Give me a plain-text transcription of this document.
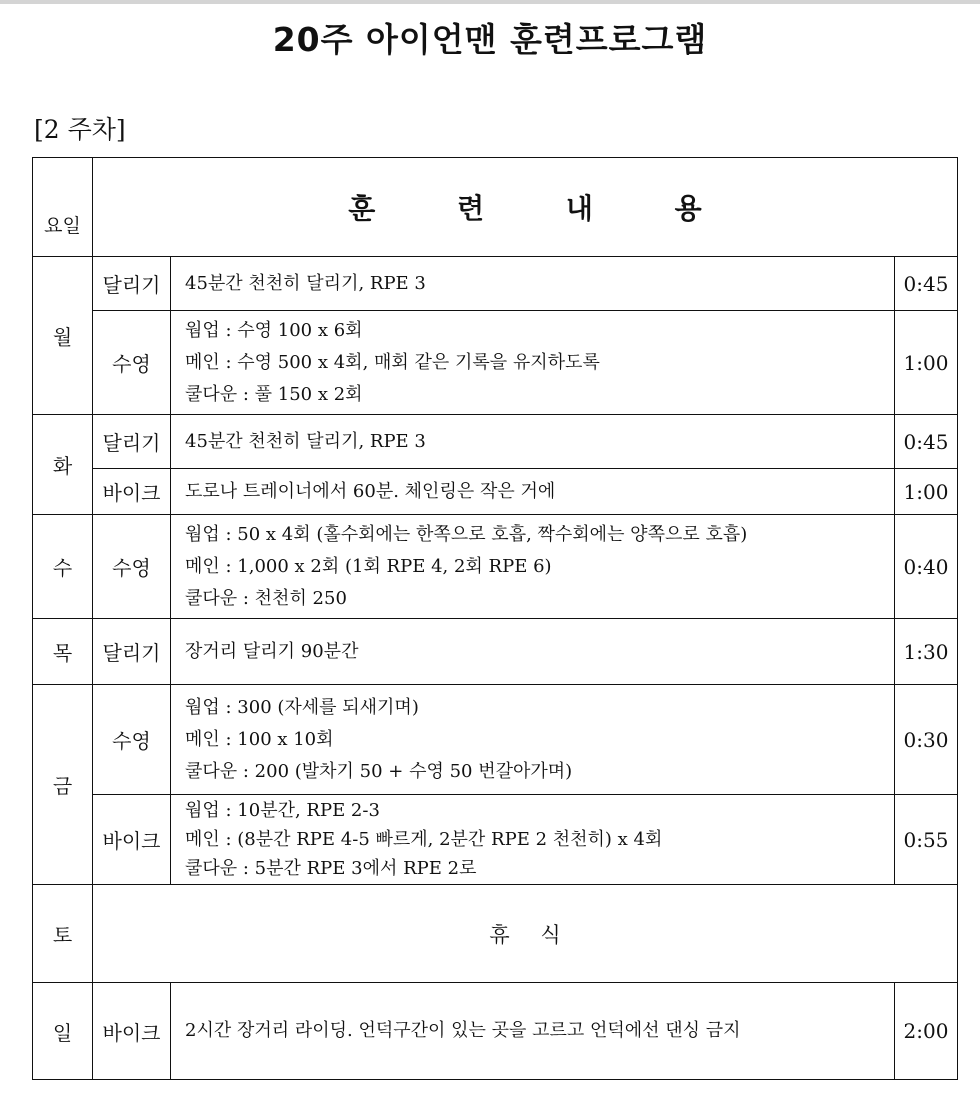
20주 아이언맨 훈련프로그램
[2 주차]
요일	훈 련 내 용		
월	달리기	45분간 천천히 달리기, RPE 3	0:45
	수영	웜업 : 수영 100 x 6회
메인 : 수영 500 x 4회, 매회 같은 기록을 유지하도록
쿨다운 : 풀 150 x 2회	1:00
화	달리기	45분간 천천히 달리기, RPE 3	0:45
	바이크	도로나 트레이너에서 60분. 체인링은 작은 거에	1:00
수	수영	웜업 : 50 x 4회 (홀수회에는 한쪽으로 호흡, 짝수회에는 양쪽으로 호흡)
메인 : 1,000 x 2회 (1회 RPE 4, 2회 RPE 6)
쿨다운 : 천천히 250	0:40
목	달리기	장거리 달리기 90분간	1:30
금	수영	웜업 : 300 (자세를 되새기며)
메인 : 100 x 10회
쿨다운 : 200 (발차기 50 + 수영 50 번갈아가며)	0:30
	바이크	웜업 : 10분간, RPE 2-3
메인 : (8분간 RPE 4-5 빠르게, 2분간 RPE 2 천천히) x 4회
쿨다운 : 5분간 RPE 3에서 RPE 2로	0:55
토	휴 식		
일	바이크	2시간 장거리 라이딩. 언덕구간이 있는 곳을 고르고 언덕에선 댄싱 금지	2:00
